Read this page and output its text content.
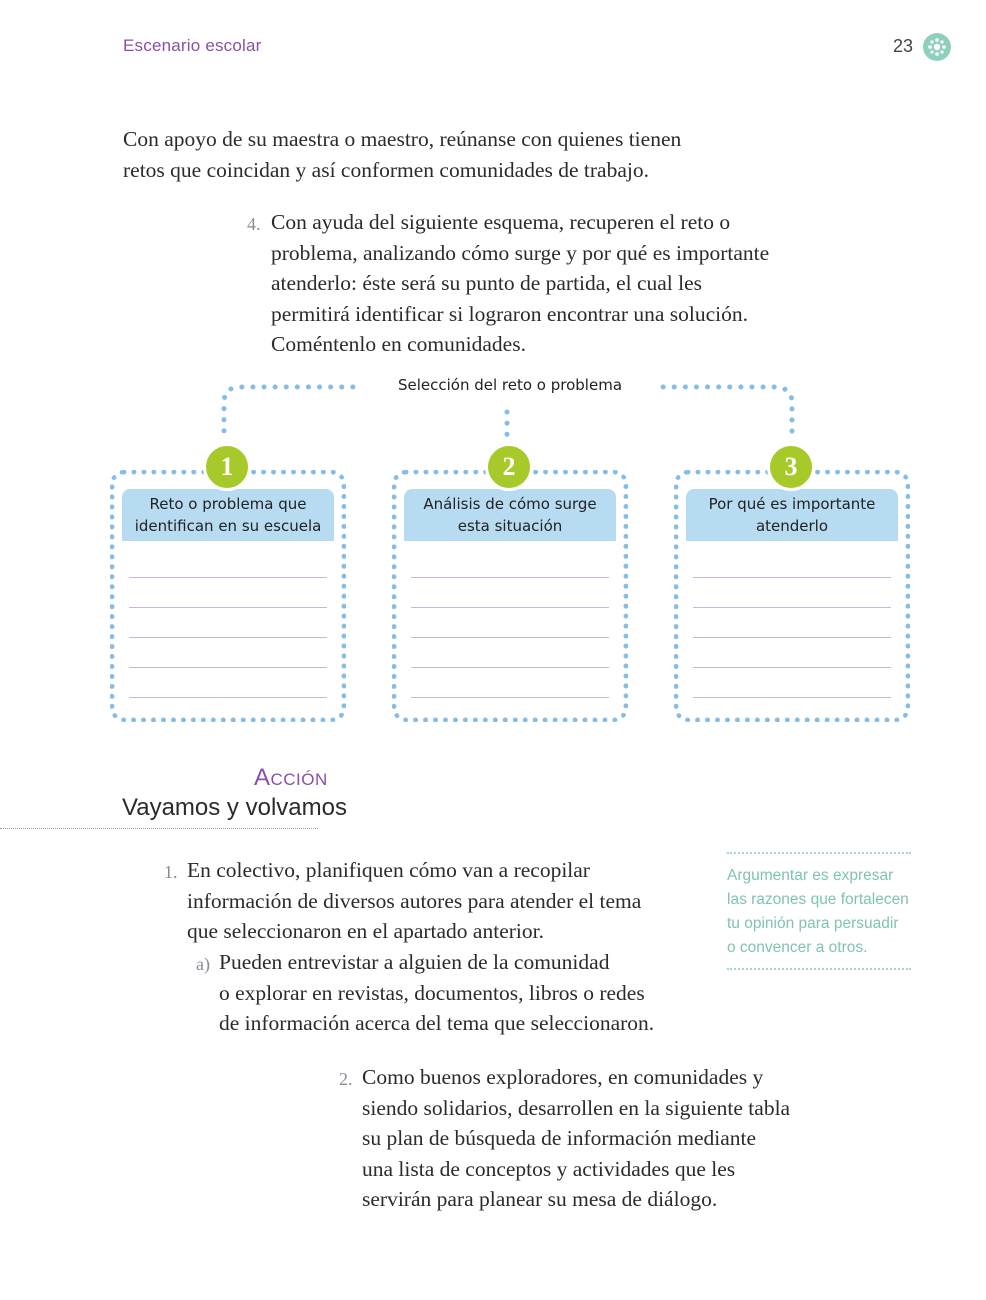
Escenario escolar	23
Con apoyo de su maestra o maestro, reúnanse con quienes tienen
retos que coincidan y así conformen comunidades de trabajo.
4. Con ayuda del siguiente esquema, recuperen el reto o
problema, analizando cómo surge y por qué es importante
atenderlo: éste será su punto de partida, el cual les
permitirá identificar si lograron encontrar una solución.
Coméntenlo en comunidades.
Selección del reto o problema
Reto o problema que
identifican en su escuela
1
Análisis de cómo surge
esta situación
2
Por qué es importante
atenderlo
3
Acción
Vayamos y volvamos
1. En colectivo, planifiquen cómo van a recopilar
información de diversos autores para atender el tema
que seleccionaron en el apartado anterior.
a) Pueden entrevistar a alguien de la comunidad
o explorar en revistas, documentos, libros o redes
de información acerca del tema que seleccionaron.
Argumentar es expresar
las razones que fortalecen
tu opinión para persuadir
o convencer a otros.
2. Como buenos exploradores, en comunidades y
siendo solidarios, desarrollen en la siguiente tabla
su plan de búsqueda de información mediante
una lista de conceptos y actividades que les
servirán para planear su mesa de diálogo.
